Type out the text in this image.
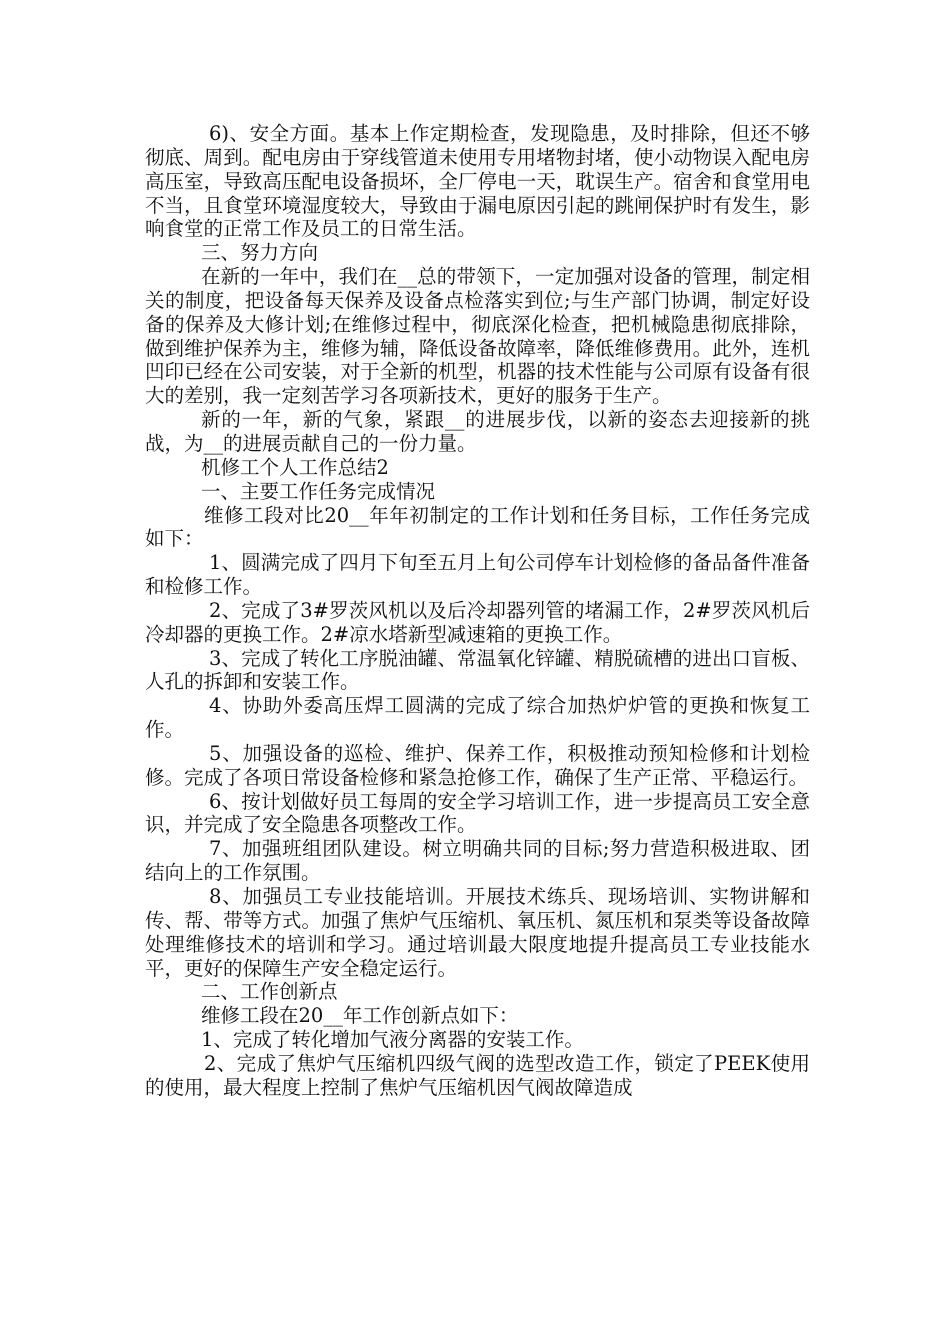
6)、安全方面。基本上作定期检查，发现隐患，及时排除，但还不够彻底、周到。配电房由于穿线管道未使用专用堵物封堵，使小动物误入配电房高压室，导致高压配电设备损坏，全厂停电一天，耽误生产。宿舍和食堂用电不当，且食堂环境湿度较大，导致由于漏电原因引起的跳闸保护时有发生，影响食堂的正常工作及员工的日常生活。

三、努力方向

在新的一年中，我们在__总的带领下，一定加强对设备的管理，制定相关的制度，把设备每天保养及设备点检落实到位;与生产部门协调，制定好设备的保养及大修计划;在维修过程中，彻底深化检查，把机械隐患彻底排除，做到维护保养为主，维修为辅，降低设备故障率，降低维修费用。此外，连机凹印已经在公司安装，对于全新的机型，机器的技术性能与公司原有设备有很大的差别，我一定刻苦学习各项新技术，更好的服务于生产。

新的一年，新的气象，紧跟__的进展步伐，以新的姿态去迎接新的挑战，为__的进展贡献自己的一份力量。

机修工个人工作总结2

一、主要工作任务完成情况

维修工段对比20__年年初制定的工作计划和任务目标，工作任务完成如下：

1、圆满完成了四月下旬至五月上旬公司停车计划检修的备品备件准备和检修工作。

2、完成了3#罗茨风机以及后冷却器列管的堵漏工作，2#罗茨风机后冷却器的更换工作。2#凉水塔新型减速箱的更换工作。

3、完成了转化工序脱油罐、常温氧化锌罐、精脱硫槽的进出口盲板、人孔的拆卸和安装工作。

4、协助外委高压焊工圆满的完成了综合加热炉炉管的更换和恢复工作。

5、加强设备的巡检、维护、保养工作，积极推动预知检修和计划检修。完成了各项日常设备检修和紧急抢修工作，确保了生产正常、平稳运行。

6、按计划做好员工每周的安全学习培训工作，进一步提高员工安全意识，并完成了安全隐患各项整改工作。

7、加强班组团队建设。树立明确共同的目标;努力营造积极进取、团结向上的工作氛围。

8、加强员工专业技能培训。开展技术练兵、现场培训、实物讲解和传、帮、带等方式。加强了焦炉气压缩机、氧压机、氮压机和泵类等设备故障处理维修技术的培训和学习。通过培训最大限度地提升提高员工专业技能水平，更好的保障生产安全稳定运行。

二、工作创新点

维修工段在20__年工作创新点如下：

1、完成了转化增加气液分离器的安装工作。

2、完成了焦炉气压缩机四级气阀的选型改造工作，锁定了PEEK使用的使用，最大程度上控制了焦炉气压缩机因气阀故障造成
